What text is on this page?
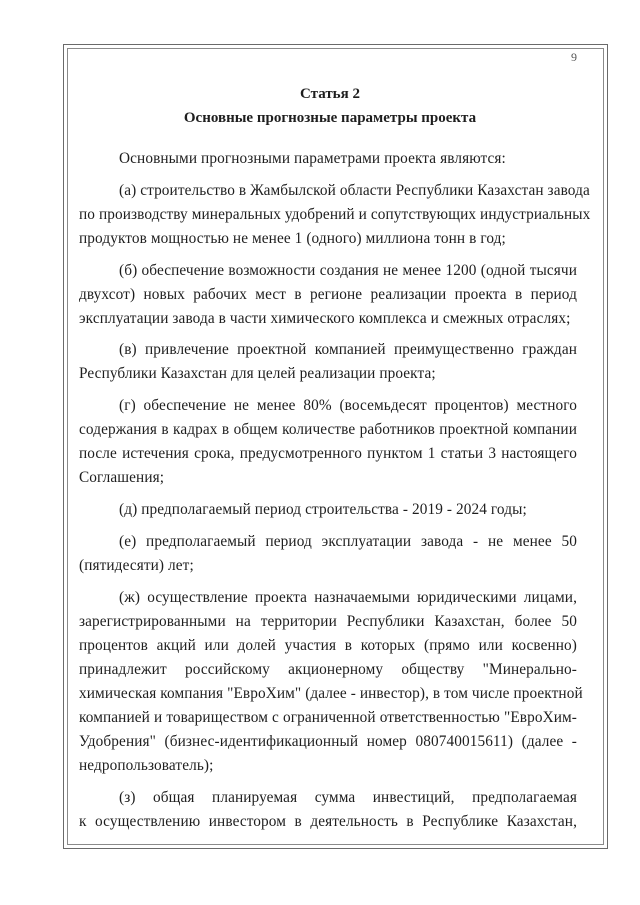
9
Статья 2
Основные прогнозные параметры проекта
Основными прогнозными параметрами проекта являются:
(а) строительство в Жамбылской области Республики Казахстан завода
по производству минеральных удобрений и сопутствующих индустриальных
продуктов мощностью не менее 1 (одного) миллиона тонн в год;
(б) обеспечение возможности создания не менее 1200 (одной тысячи
двухсот) новых рабочих мест в регионе реализации проекта в период
эксплуатации завода в части химического комплекса и смежных отраслях;
(в) привлечение проектной компанией преимущественно граждан
Республики Казахстан для целей реализации проекта;
(г) обеспечение не менее 80% (восемьдесят процентов) местного
содержания в кадрах в общем количестве работников проектной компании
после истечения срока, предусмотренного пунктом 1 статьи 3 настоящего
Соглашения;
(д) предполагаемый период строительства - 2019 - 2024 годы;
(е) предполагаемый период эксплуатации завода - не менее 50
(пятидесяти) лет;
(ж) осуществление проекта назначаемыми юридическими лицами,
зарегистрированными на территории Республики Казахстан, более 50
процентов акций или долей участия в которых (прямо или косвенно)
принадлежит российскому акционерному обществу "Минерально-
химическая компания "ЕвроХим" (далее - инвестор), в том числе проектной
компанией и товариществом с ограниченной ответственностью "ЕвроХим-
Удобрения" (бизнес-идентификационный номер 080740015611) (далее -
недропользователь);
(з) общая планируемая сумма инвестиций, предполагаемая
к осуществлению инвестором в деятельность в Республике Казахстан,
